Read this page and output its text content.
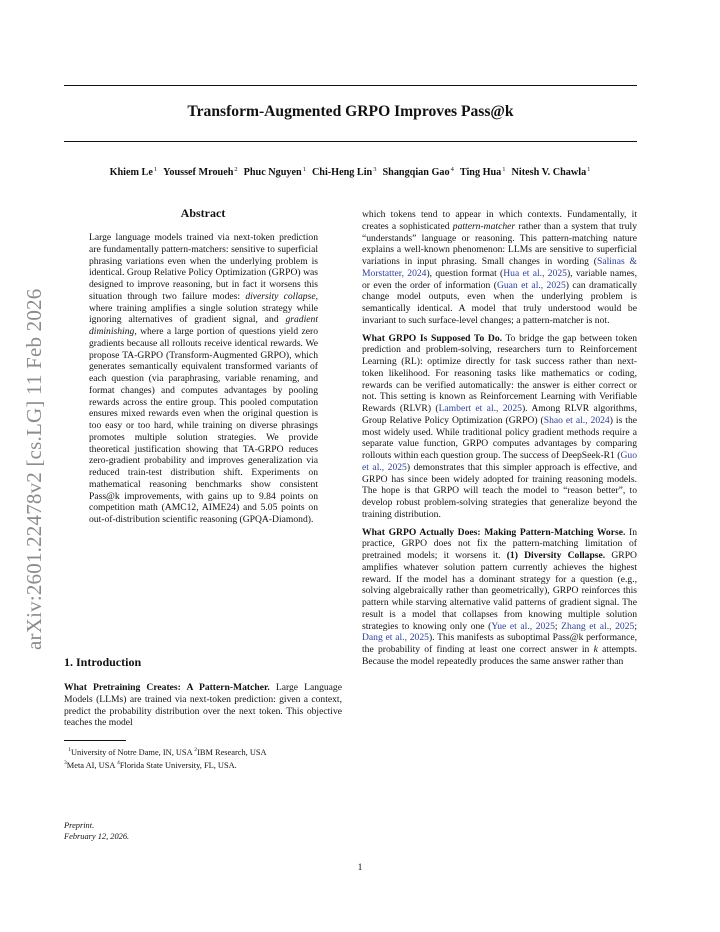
Transform-Augmented GRPO Improves Pass@k
Khiem Le$^1$ Youssef Mroueh$^2$ Phuc Nguyen$^1$ Chi-Heng Lin$^3$ Shangqian Gao$^4$ Ting Hua$^1$ Nitesh V. Chawla$^1$
arXiv:2601.22478v2 [cs.LG] 11 Feb 2026
Abstract
Large language models trained via next-token prediction are fundamentally pattern-matchers: sensitive to superficial phrasing variations even when the underlying problem is identical. Group Relative Policy Optimization (GRPO) was designed to improve reasoning, but in fact it worsens this situation through two failure modes: diversity collapse, where training amplifies a single solution strategy while ignoring alternatives of gradient signal, and gradient diminishing, where a large portion of questions yield zero gradients because all rollouts receive identical rewards. We propose TA-GRPO (Transform-Augmented GRPO), which generates semantically equivalent transformed variants of each question (via paraphrasing, variable renaming, and format changes) and computes advantages by pooling rewards across the entire group. This pooled computation ensures mixed rewards even when the original question is too easy or too hard, while training on diverse phrasings promotes multiple solution strategies. We provide theoretical justification showing that TA-GRPO reduces zero-gradient probability and improves generalization via reduced train-test distribution shift. Experiments on mathematical reasoning benchmarks show consistent Pass@k improvements, with gains up to 9.84 points on competition math (AMC12, AIME24) and 5.05 points on out-of-distribution scientific reasoning (GPQA-Diamond).
1. Introduction
What Pretraining Creates: A Pattern-Matcher. Large Language Models (LLMs) are trained via next-token prediction: given a context, predict the probability distribution over the next token. This objective teaches the model
$^1$University of Notre Dame, IN, USA $^2$IBM Research, USA
$^3$Meta AI, USA $^4$Florida State University, FL, USA.
Preprint.
February 12, 2026.

which tokens tend to appear in which contexts. Fundamentally, it creates a sophisticated pattern-matcher rather than a system that truly “understands” language or reasoning. This pattern-matching nature explains a well-known phenomenon: LLMs are sensitive to superficial variations in input phrasing. Small changes in wording (Salinas & Morstatter, 2024), question format (Hua et al., 2025), variable names, or even the order of information (Guan et al., 2025) can dramatically change model outputs, even when the underlying problem is semantically identical. A model that truly understood would be invariant to such surface-level changes; a pattern-matcher is not.

What GRPO Is Supposed To Do. To bridge the gap between token prediction and problem-solving, researchers turn to Reinforcement Learning (RL): optimize directly for task success rather than next-token likelihood. For reasoning tasks like mathematics or coding, rewards can be verified automatically: the answer is either correct or not. This setting is known as Reinforcement Learning with Verifiable Rewards (RLVR) (Lambert et al., 2025). Among RLVR algorithms, Group Relative Policy Optimization (GRPO) (Shao et al., 2024) is the most widely used. While traditional policy gradient methods require a separate value function, GRPO computes advantages by comparing rollouts within each question group. The success of DeepSeek-R1 (Guo et al., 2025) demonstrates that this simpler approach is effective, and GRPO has since been widely adopted for training reasoning models. The hope is that GRPO will teach the model to “reason better”, to develop robust problem-solving strategies that generalize beyond the training distribution.

What GRPO Actually Does: Making Pattern-Matching Worse. In practice, GRPO does not fix the pattern-matching limitation of pretrained models; it worsens it. (1) Diversity Collapse. GRPO amplifies whatever solution pattern currently achieves the highest reward. If the model has a dominant strategy for a question (e.g., solving algebraically rather than geometrically), GRPO reinforces this pattern while starving alternative valid patterns of gradient signal. The result is a model that collapses from knowing multiple solution strategies to knowing only one (Yue et al., 2025; Zhang et al., 2025; Dang et al., 2025). This manifests as suboptimal Pass@k performance, the probability of finding at least one correct answer in k attempts. Because the model repeatedly produces the same answer rather than

1
